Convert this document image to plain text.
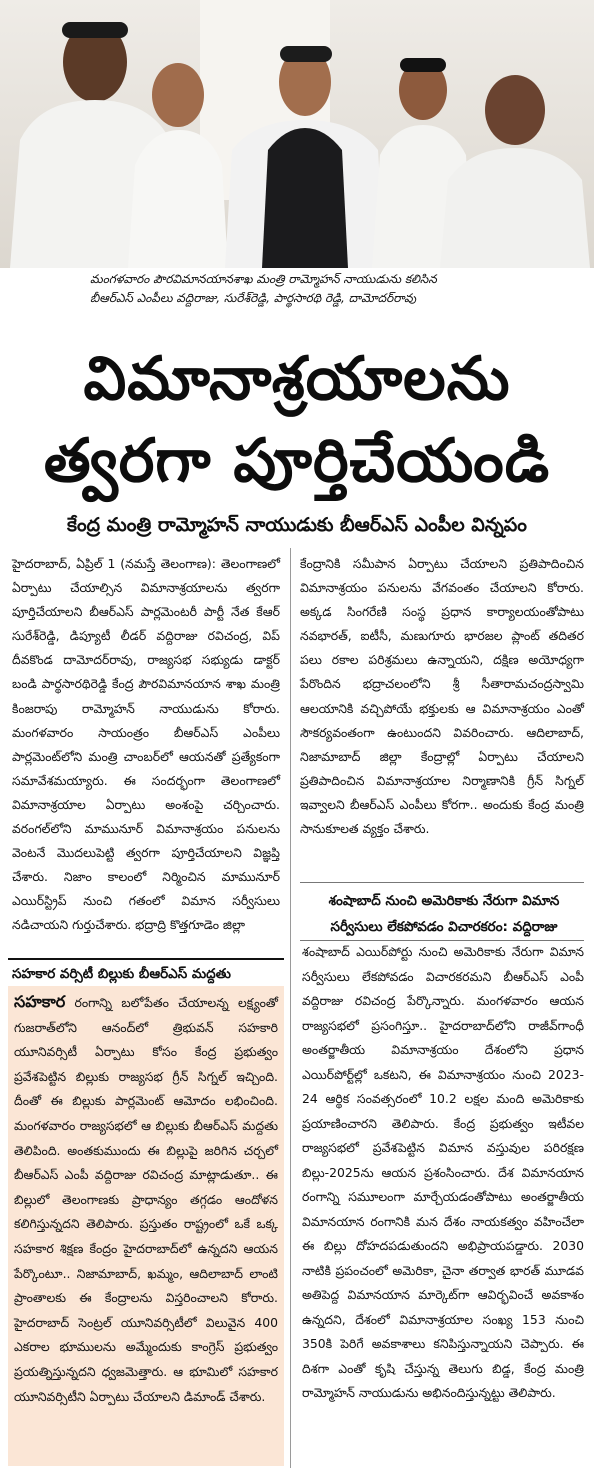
మంగళవారం పౌరవిమానయానశాఖ మంత్రి రామ్మోహన్ నాయుడును కలిసిన
బీఆర్ఎస్ ఎంపీలు వద్దిరాజు, సురేశ్‌రెడ్డి, పార్థసారథి రెడ్డి, దామోదర్‌రావు
విమానాశ్రయాలను
త్వరగా పూర్తిచేయండి
కేంద్ర మంత్రి రామ్మోహన్ నాయుడుకు బీఆర్ఎస్ ఎంపీల విన్నపం

హైదరాబాద్, ఏప్రిల్ 1 (నమస్తే తెలంగాణ): తెలంగాణలో ఏర్పాటు చేయాల్సిన విమానాశ్రయాలను త్వరగా పూర్తిచేయాలని బీఆర్ఎస్ పార్లమెంటరీ పార్టీ నేత కేఆర్ సురేశ్‌రెడ్డి, డిప్యూటీ లీడర్ వద్దిరాజు రవిచంద్ర, విప్ దీవకొండ దామోదర్‌రావు, రాజ్యసభ సభ్యుడు డాక్టర్ బండి పార్థసారథిరెడ్డి కేంద్ర పౌరవిమానయాన శాఖ మంత్రి కింజరాపు రామ్మోహన్ నాయుడును కోరారు. మంగళవారం సాయంత్రం బీఆర్ఎస్ ఎంపీలు పార్లమెంట్‌లోని మంత్రి చాంబర్‌లో ఆయనతో ప్రత్యేకంగా సమావేశమయ్యారు. ఈ సందర్భంగా తెలంగాణలో విమానాశ్రయాల ఏర్పాటు అంశంపై చర్చించారు. వరంగల్‌లోని మామునూర్ విమానాశ్రయం పనులను వెంటనే మొదలుపెట్టి త్వరగా పూర్తిచేయాలని విజ్ఞప్తి చేశారు. నిజాం కాలంలో నిర్మించిన మామునూర్ ఎయిర్‌స్ట్రిప్ నుంచి గతంలో విమాన సర్వీసులు నడిచాయని గుర్తుచేశారు. భద్రాద్రి కొత్తగూడెం జిల్లా

కేంద్రానికి సమీపాన ఏర్పాటు చేయాలని ప్రతిపాదించిన విమానాశ్రయం పనులను వేగవంతం చేయాలని కోరారు. అక్కడ సింగరేణి సంస్థ ప్రధాన కార్యాలయంతోపాటు నవభారత్, ఐటీసీ, మణుగూరు భారజల ప్లాంట్ తదితర పలు రకాల పరిశ్రమలు ఉన్నాయని, దక్షిణ అయోధ్యగా పేరొందిన భద్రాచలంలోని శ్రీ సీతారామచంద్రస్వామి ఆలయానికి వచ్చిపోయే భక్తులకు ఆ విమానాశ్రయం ఎంతో సౌకర్యవంతంగా ఉంటుందని వివరించారు. ఆదిలాబాద్, నిజామాబాద్ జిల్లా కేంద్రాల్లో ఏర్పాటు చేయాలని ప్రతిపాదించిన విమానాశ్రయాల నిర్మాణానికి గ్రీన్ సిగ్నల్ ఇవ్వాలని బీఆర్ఎస్ ఎంపీలు కోరగా.. అందుకు కేంద్ర మంత్రి సానుకూలత వ్యక్తం చేశారు.

శంషాబాద్ నుంచి అమెరికాకు నేరుగా విమాన సర్వీసులు లేకపోవడం విచారకరం: వద్దిరాజు

శంషాబాద్ ఎయిర్‌పోర్టు నుంచి అమెరికాకు నేరుగా విమాన సర్వీసులు లేకపోవడం విచారకరమని బీఆర్ఎస్ ఎంపీ వద్దిరాజు రవిచంద్ర పేర్కొన్నారు. మంగళవారం ఆయన రాజ్యసభలో ప్రసంగిస్తూ.. హైదరాబాద్‌లోని రాజీవ్‌గాంధీ అంతర్జాతీయ విమానాశ్రయం దేశంలోని ప్రధాన ఎయిర్‌పోర్ట్‌ల్లో ఒకటని, ఈ విమానాశ్రయం నుంచి 2023-24 ఆర్థిక సంవత్సరంలో 10.2 లక్షల మంది అమెరికాకు ప్రయాణించారని తెలిపారు. కేంద్ర ప్రభుత్వం ఇటీవల రాజ్యసభలో ప్రవేశపెట్టిన విమాన వస్తువుల పరిరక్షణ బిల్లు-2025ను ఆయన ప్రశంసించారు. దేశ విమానయాన రంగాన్ని సమూలంగా మార్చేయడంతోపాటు అంతర్జాతీయ విమానయాన రంగానికి మన దేశం నాయకత్వం వహించేలా ఈ బిల్లు దోహదపడుతుందని అభిప్రాయపడ్డారు. 2030 నాటికి ప్రపంచంలో అమెరికా, చైనా తర్వాత భారత్ మూడవ అతిపెద్ద విమానయాన మార్కెట్‌గా ఆవిర్భవించే అవకాశం ఉన్నదని, దేశంలో విమానాశ్రయాల సంఖ్య 153 నుంచి 350కి పెరిగే అవకాశాలు కనిపిస్తున్నాయని చెప్పారు. ఈ దిశగా ఎంతో కృషి చేస్తున్న తెలుగు బిడ్డ, కేంద్ర మంత్రి రామ్మోహన్ నాయుడును అభినందిస్తున్నట్టు తెలిపారు.

సహకార వర్సిటీ బిల్లుకు బీఆర్ఎస్ మద్దతు

సహకార రంగాన్ని బలోపేతం చేయాలన్న లక్ష్యంతో గుజరాత్‌లోని ఆనంద్‌లో త్రిభువన్ సహకారి యూనివర్సిటీ ఏర్పాటు కోసం కేంద్ర ప్రభుత్వం ప్రవేశపెట్టిన బిల్లుకు రాజ్యసభ గ్రీన్ సిగ్నల్ ఇచ్చింది. దీంతో ఈ బిల్లుకు పార్లమెంట్ ఆమోదం లభించింది. మంగళవారం రాజ్యసభలో ఆ బిల్లుకు బీఆర్ఎస్ మద్దతు తెలిపింది. అంతకుముందు ఈ బిల్లుపై జరిగిన చర్చలో బీఆర్ఎస్ ఎంపీ వద్దిరాజు రవిచంద్ర మాట్లాడుతూ.. ఈ బిల్లులో తెలంగాణకు ప్రాధాన్యం తగ్గడం ఆందోళన కలిగిస్తున్నదని తెలిపారు. ప్రస్తుతం రాష్ట్రంలో ఒకే ఒక్క సహకార శిక్షణ కేంద్రం హైదరాబాద్‌లో ఉన్నదని ఆయన పేర్కొంటూ.. నిజామాబాద్, ఖమ్మం, ఆదిలాబాద్ లాంటి ప్రాంతాలకు ఈ కేంద్రాలను విస్తరించాలని కోరారు. హైదరాబాద్ సెంట్రల్ యూనివర్సిటీలో విలువైన 400 ఎకరాల భూములను అమ్మేందుకు కాంగ్రెస్ ప్రభుత్వం ప్రయత్నిస్తున్నదని ధ్వజమెత్తారు. ఆ భూమిలో సహకార యూనివర్సిటీని ఏర్పాటు చేయాలని డిమాండ్ చేశారు.
